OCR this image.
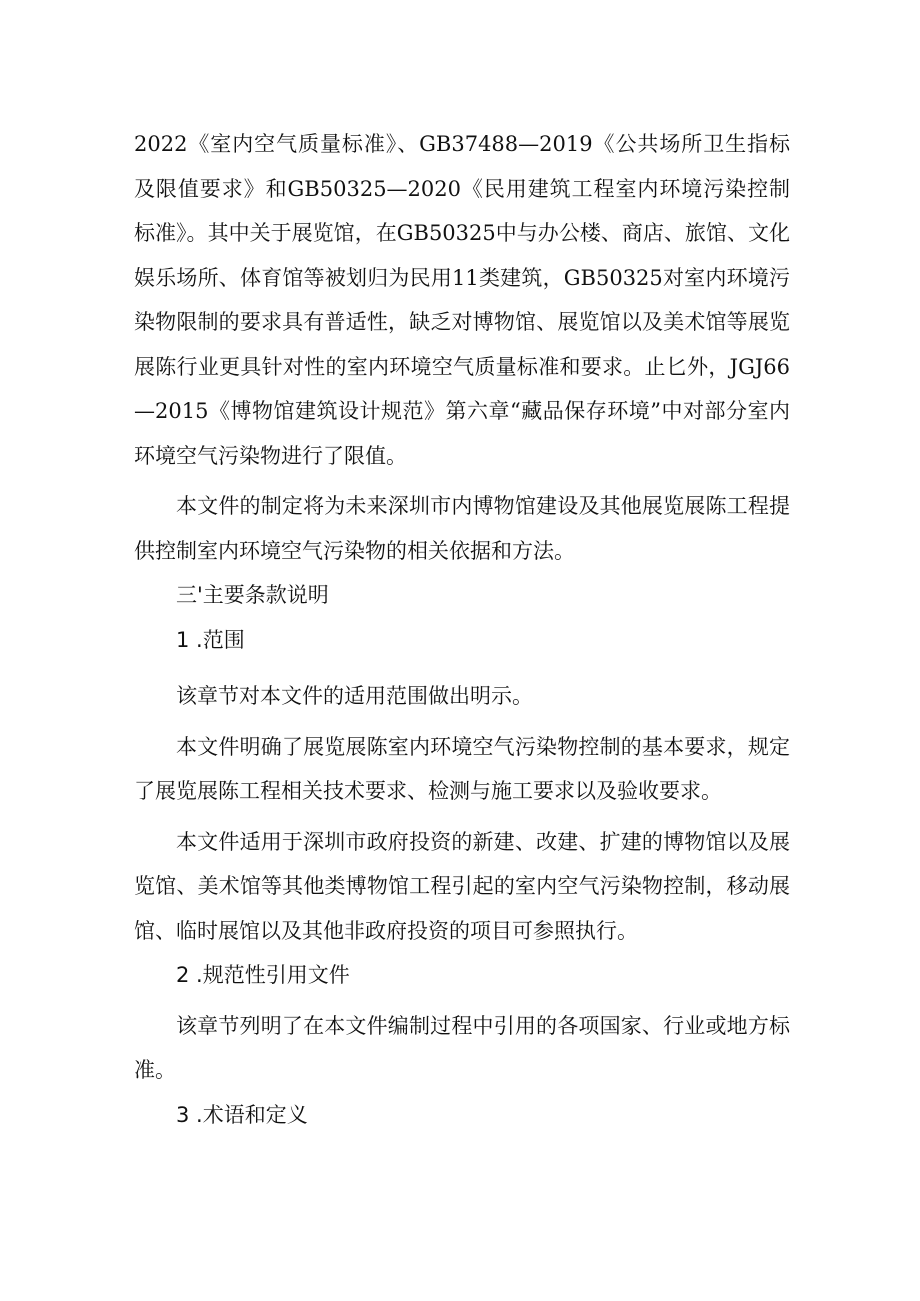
2022《室内空气质量标准》、GB37488—2019《公共场所卫生指标及限值要求》和GB50325—2020《民用建筑工程室内环境污染控制标准》。其中关于展览馆，在GB50325中与办公楼、商店、旅馆、文化娱乐场所、体育馆等被划归为民用11类建筑，GB50325对室内环境污染物限制的要求具有普适性，缺乏对博物馆、展览馆以及美术馆等展览展陈行业更具针对性的室内环境空气质量标准和要求。止匕外，JGJ66—2015《博物馆建筑设计规范》第六章“藏品保存环境”中对部分室内环境空气污染物进行了限值。

本文件的制定将为未来深圳市内博物馆建设及其他展览展陈工程提供控制室内环境空气污染物的相关依据和方法。

三'主要条款说明

1 .范围

该章节对本文件的适用范围做出明示。

本文件明确了展览展陈室内环境空气污染物控制的基本要求，规定了展览展陈工程相关技术要求、检测与施工要求以及验收要求。

本文件适用于深圳市政府投资的新建、改建、扩建的博物馆以及展览馆、美术馆等其他类博物馆工程引起的室内空气污染物控制，移动展馆、临时展馆以及其他非政府投资的项目可参照执行。

2 .规范性引用文件

该章节列明了在本文件编制过程中引用的各项国家、行业或地方标准。

3 .术语和定义
